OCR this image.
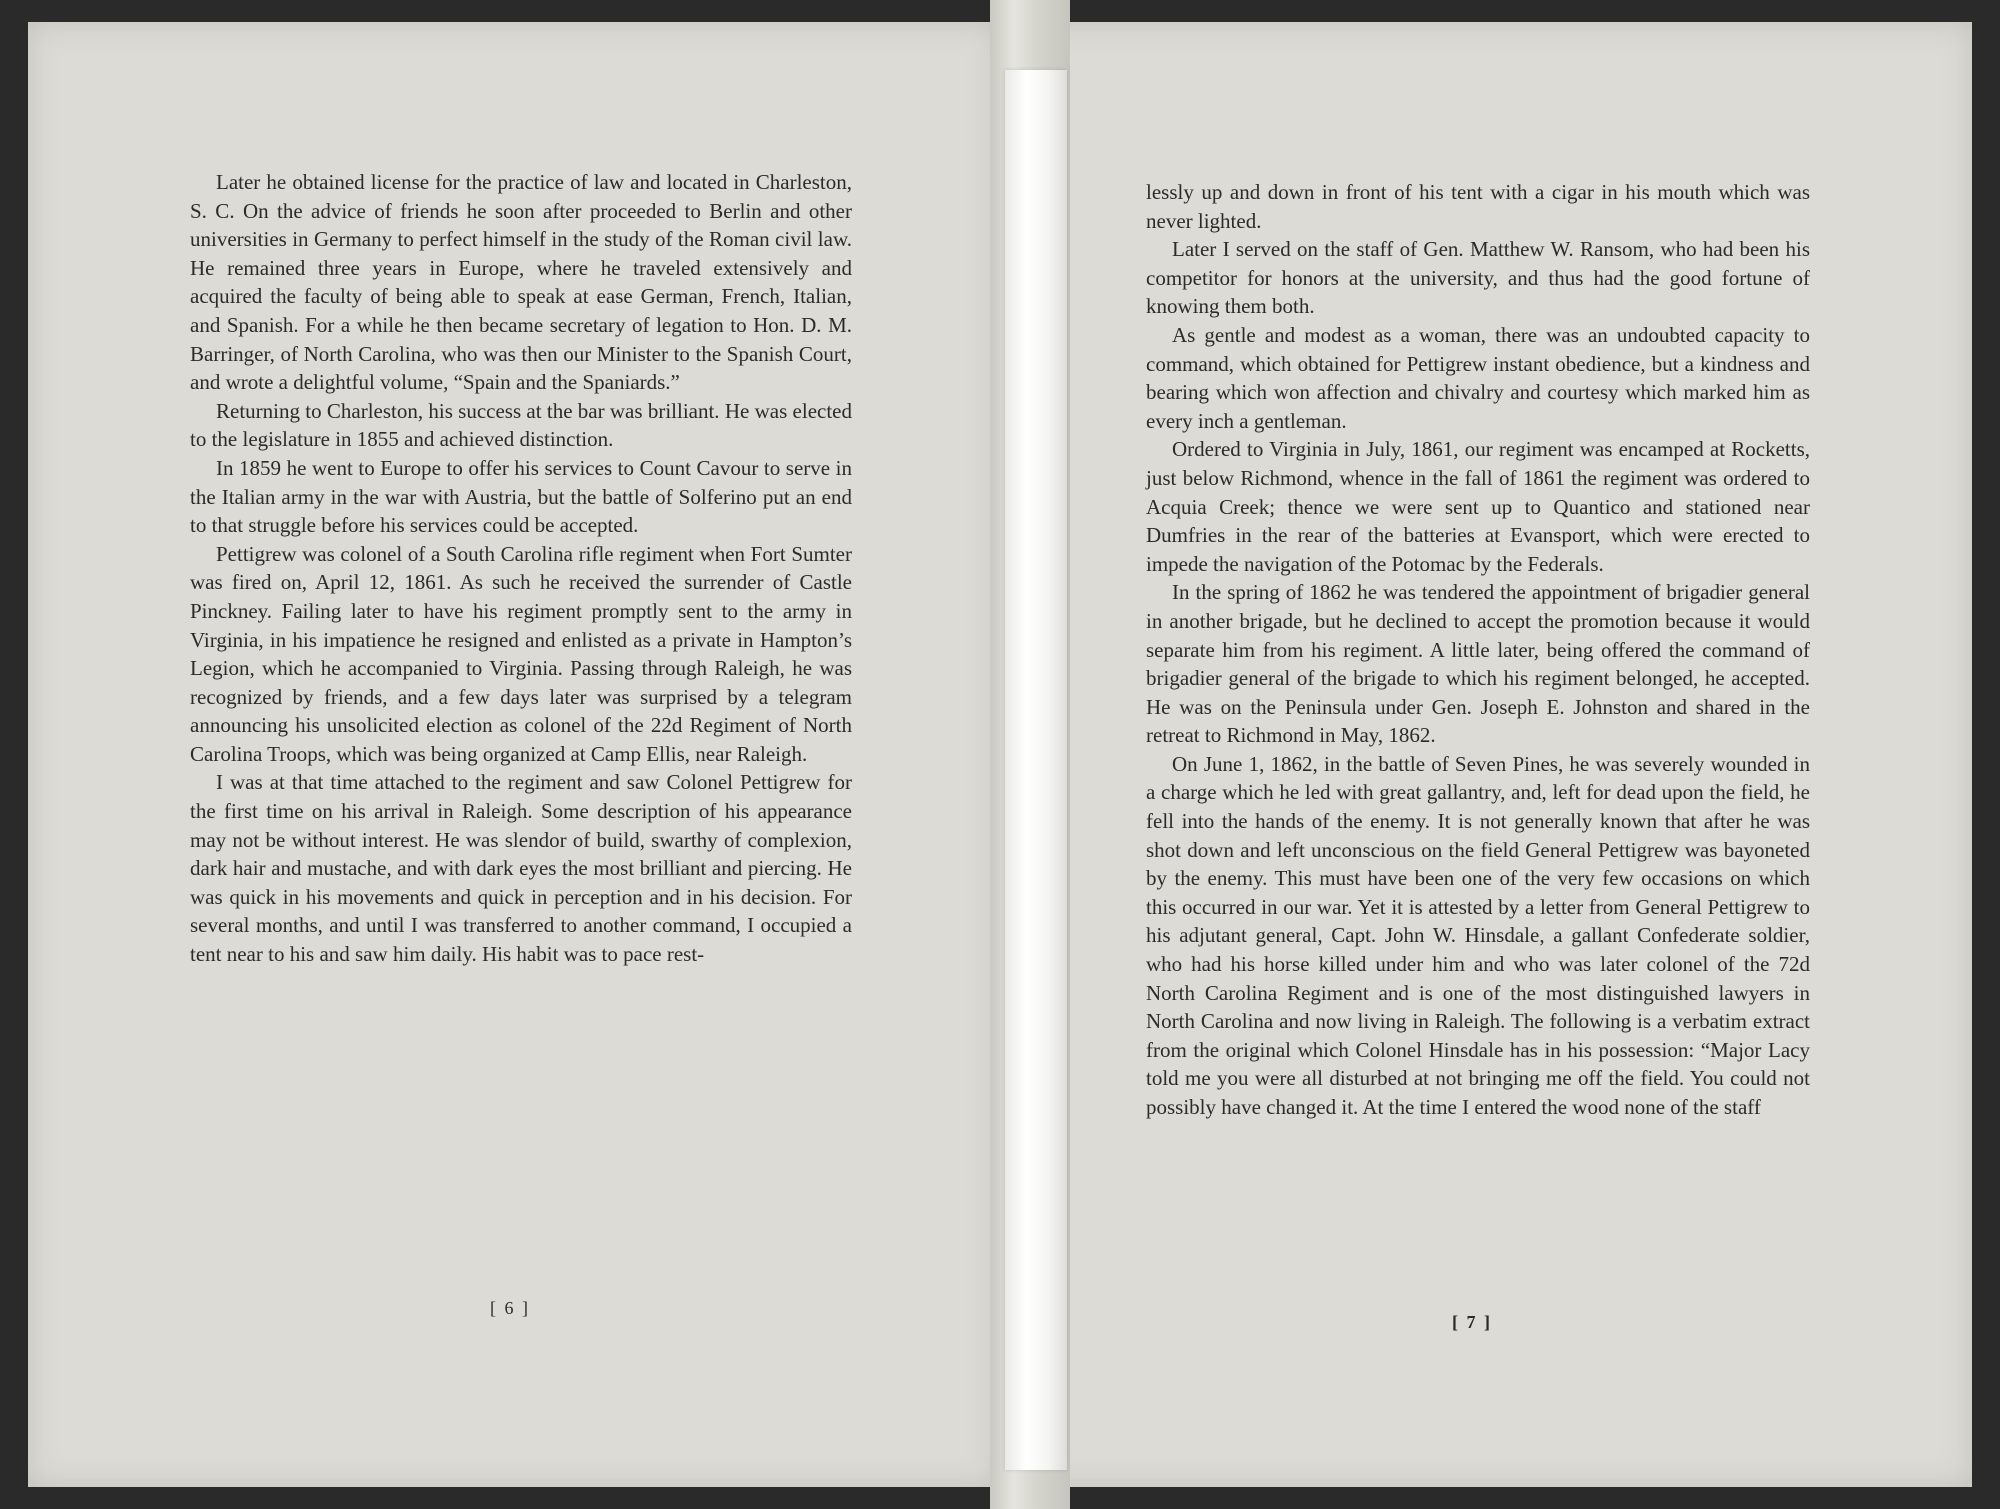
Later he obtained license for the practice of law and located in Charleston, S. C. On the advice of friends he soon after proceeded to Berlin and other universities in Germany to perfect himself in the study of the Roman civil law. He remained three years in Europe, where he traveled extensively and acquired the faculty of being able to speak at ease German, French, Italian, and Spanish. For a while he then became secretary of legation to Hon. D. M. Barringer, of North Carolina, who was then our Minister to the Spanish Court, and wrote a delightful volume, “Spain and the Spaniards.”

Returning to Charleston, his success at the bar was brilliant. He was elected to the legislature in 1855 and achieved distinction.

In 1859 he went to Europe to offer his services to Count Cavour to serve in the Italian army in the war with Austria, but the battle of Solferino put an end to that struggle before his services could be accepted.

Pettigrew was colonel of a South Carolina rifle regiment when Fort Sumter was fired on, April 12, 1861. As such he received the surrender of Castle Pinckney. Failing later to have his regiment promptly sent to the army in Virginia, in his impatience he resigned and enlisted as a private in Hampton’s Legion, which he accompanied to Virginia. Passing through Raleigh, he was recognized by friends, and a few days later was surprised by a telegram announcing his unsolicited election as colonel of the 22d Regiment of North Carolina Troops, which was being organized at Camp Ellis, near Raleigh.

I was at that time attached to the regiment and saw Colonel Pettigrew for the first time on his arrival in Raleigh. Some description of his appearance may not be without interest. He was slendor of build, swarthy of complexion, dark hair and mustache, and with dark eyes the most brilliant and piercing. He was quick in his movements and quick in perception and in his decision. For several months, and until I was transferred to another command, I occupied a tent near to his and saw him daily. His habit was to pace rest-

[ 6 ]

lessly up and down in front of his tent with a cigar in his mouth which was never lighted.

Later I served on the staff of Gen. Matthew W. Ransom, who had been his competitor for honors at the university, and thus had the good fortune of knowing them both.

As gentle and modest as a woman, there was an undoubted capacity to command, which obtained for Pettigrew instant obedience, but a kindness and bearing which won affection and chivalry and courtesy which marked him as every inch a gentleman.

Ordered to Virginia in July, 1861, our regiment was encamped at Rocketts, just below Richmond, whence in the fall of 1861 the regiment was ordered to Acquia Creek; thence we were sent up to Quantico and stationed near Dumfries in the rear of the batteries at Evansport, which were erected to impede the navigation of the Potomac by the Federals.

In the spring of 1862 he was tendered the appointment of brigadier general in another brigade, but he declined to accept the promotion because it would separate him from his regiment. A little later, being offered the command of brigadier general of the brigade to which his regiment belonged, he accepted. He was on the Peninsula under Gen. Joseph E. Johnston and shared in the retreat to Richmond in May, 1862.

On June 1, 1862, in the battle of Seven Pines, he was severely wounded in a charge which he led with great gallantry, and, left for dead upon the field, he fell into the hands of the enemy. It is not generally known that after he was shot down and left unconscious on the field General Pettigrew was bayoneted by the enemy. This must have been one of the very few occasions on which this occurred in our war. Yet it is attested by a letter from General Pettigrew to his adjutant general, Capt. John W. Hinsdale, a gallant Confederate soldier, who had his horse killed under him and who was later colonel of the 72d North Carolina Regiment and is one of the most distinguished lawyers in North Carolina and now living in Raleigh. The following is a verbatim extract from the original which Colonel Hinsdale has in his possession: “Major Lacy told me you were all disturbed at not bringing me off the field. You could not possibly have changed it. At the time I entered the wood none of the staff

[ 7 ]
